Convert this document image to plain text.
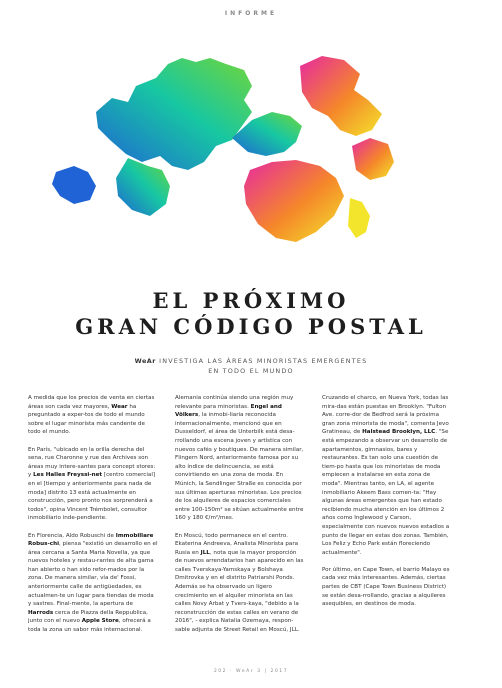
INFORME
EL PRÓXIMO
GRAN CÓDIGO POSTAL
WeAr INVESTIGA LAS ÁREAS MINORISTAS EMERGENTES
EN TODO EL MUNDO

A medida que los precios de venta en ciertas áreas son cada vez mayores, Wear ha preguntado a exper-tos de todo el mundo sobre el lugar minorista más candente de todo el mundo.

En París, "ubicado en la orilla derecha del sena, rue Charonne y rue des Archives son áreas muy intere-santes para concept stores: y Les Halles Freyssi-net [centro comercial] en el [tiempo y anteriormente para nada de moda] distrito 13 está actualmente en construcción, pero pronto nos sorprenderá a todos", opina Vincent Trémbolet, consultor inmobiliario inde-pendiente.

En Florencia, Aldo Robuschi de Immobillare Robus-chi, piensa "existió un desarrollo en el área cercana a Santa Maria Novella, ya que nuevos hoteles y restau-rantes de alta gama han abierto o han sido refor-mados por la zona. De manera similar, vía de' Fossi, anteriormente calle de antigüedades, es actualmen-te un lugar para tiendas de moda y sastres. Final-mente, la apertura de Harrods cerca de Piazza della Reppublica, junto con el nuevo Apple Store, ofrecerá a toda la zona un sabor más internacional.

Alemania continúa siendo una región muy relevante para minoristas. Engel and Völkers, la inmobi-liaria reconocida internacionalmente, mencionó que en Dusseldorf, el área de Unterbilk está desa-rrollando una escena joven y artística con nuevos cafés y boutiques. De manera similar, Flingern Nord, anteriormente famosa por su alto índice de delincuencia, se está convirtiendo en una zona de moda. En Múnich, la Sendlinger Straße es conocida por sus últimas aperturas minoristas. Los precios de los alquileres de espacios comerciales entre 100-150m² se sitúan actualmente entre 160 y 180 €/m²/mes.

En Moscú, todo permanece en el centro. Ekaterina Andreeva, Analista Minorista para Rusia en JLL, nota que la mayor proporción de nuevos arrendatarios han aparecido en las calles Tverskaya-Yamskaya y Bolshaya Dmitrovka y en el distrito Patriarshi Ponds. Además se ha observado un ligero crecimiento en el alquiler minorista en las calles Novy Arbat y Tvers-kaya, "debido a la reconstrucción de estas calles en verano de 2016", - explica Natalia Ozemaya, respon-sable adjunta de Street Retail en Moscú, JLL.

Cruzando el charco, en Nueva York, todas las mira-das están puestas en Brooklyn. "Fulton Ave. corre-dor de Bedfrod será la próxima gran zona minorista de moda", comenta Jevo Gratineau, de Halstead Brooklyn, LLC. "Se está empezando a observar un desarrollo de apartamentos, gimnasios, bares y restaurantes. Es tan solo una cuestión de tiem-po hasta que los minoristas de moda empiecen a instalarse en esta zona de moda". Mientras tanto, en LA, el agente inmobiliario Akeem Bass comen-ta: "Hay algunas áreas emergentes que han estado recibiendo mucha atención en los últimos 2 años como Inglewood y Carson, especialmente con nuevos nuevos estadios a punto de llegar en estas dos zonas. También, Los Feliz y Echo Park están floreciendo actualmente".

Por último, en Cape Town, el barrio Malayo es cada vez más interesantes. Además, ciertas partes de CBT (Cape Town Business District) se están desa-rrollando, gracias a alquileres asequibles, en destinos de moda.

202 · WeAr 3 | 2017
